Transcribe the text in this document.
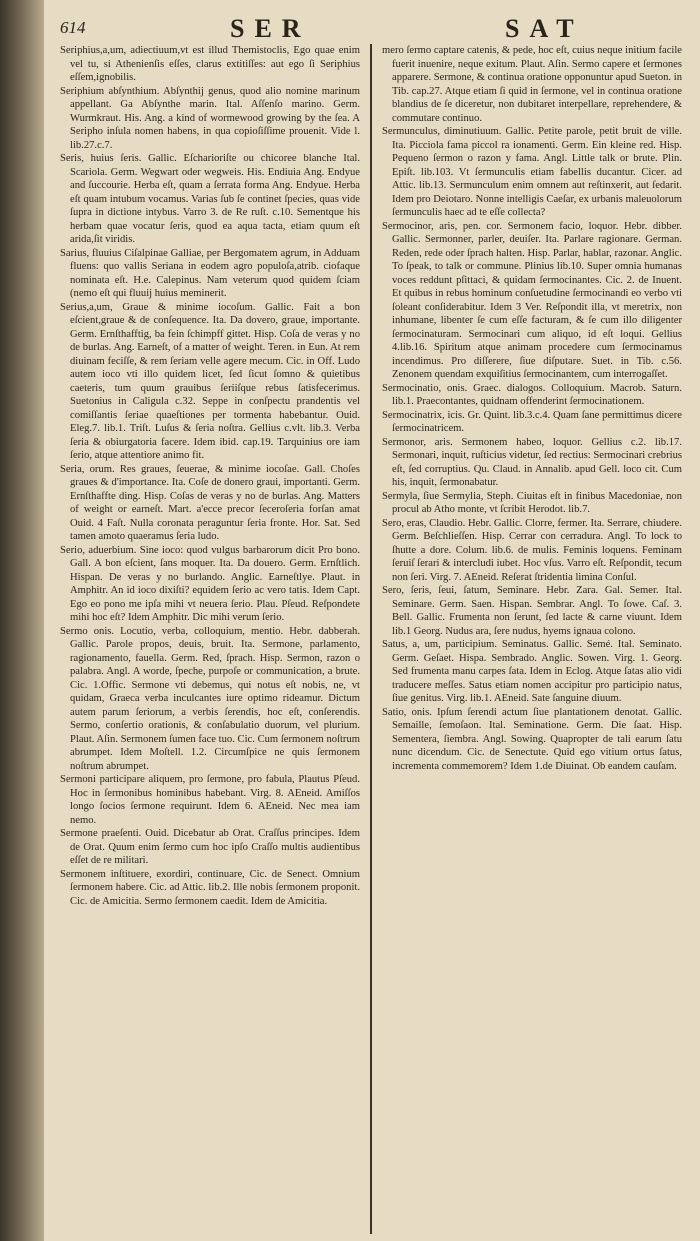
614	SER	SAT

Seriphius,a,um, adiectiuum,vt est illud Themistoclis, Ego quae enim vel tu, si Athenienſis eſſes, clarus extitiſſes: aut ego ſi Seriphius eſſem,ignobilis.

Seriphium abſynthium. Abſynthij genus, quod alio nomine marinum appellant. Ga Abſynthe marin. Ital. Aſſenſo marino. Germ. Wurmkraut. His. Ang. a kind of wormewood growing by the ſea. A Seripho inſula nomen habens, in qua copioſiſſime prouenit. Vide l. lib.27.c.7.

Seris, huius ſeris. Gallic. Eſcharioriſte ou chicoree blanche Ital. Scariola. Germ. Wegwart oder wegweis. His. Endiuia Ang. Endyue and ſuccourie. Herba eſt, quam a ſerrata forma Ang. Endyue. Herba eſt quam intubum vocamus. Varias ſub ſe continet ſpecies, quas vide ſupra in dictione intybus. Varro 3. de Re ruſt. c.10. Sementque his herbam quae vocatur ſeris, quod ea aqua tacta, etiam quum eſt arida,ſit viridis.

Sarius, fluuius Ciſalpinae Galliae, per Bergomatem agrum, in Adduam fluens: quo vallis Seriana in eodem agro populoſa,atrib. ciofaque nominata eſt. H.e. Calepinus. Nam veterum quod quidem ſciam (nemo eſt qui fluuij huius meminerit.

Serius,a,um, Graue & minime iocoſum. Gallic. Fait a bon eſcient,graue & de conſequence. Ita. Da dovero, graue, importante. Germ. Ernſthafftig, ba fein ſchimpff gittet. Hisp. Coſa de veras y no de burlas. Ang. Earneſt, of a matter of weight. Teren. in Eun. At rem diuinam feciſſe, & rem ſeriam velle agere mecum. Cic. in Off. Ludo autem ioco vti illo quidem licet, ſed ſicut ſomno & quietibus caeteris, tum quum grauibus ſeriiſque rebus ſatisfecerimus. Suetonius in Caligula c.32. Seppe in conſpectu prandentis vel comiſſantis ſeriae quaeſtiones per tormenta habebantur. Ouid. Eleg.7. lib.1. Triſt. Luſus & ſeria noſtra. Gellius c.vlt. lib.3. Verba ſeria & obiurgatoria facere. Idem ibid. cap.19. Tarquinius ore iam ſerio, atque attentiore animo fit.

Seria, orum. Res graues, ſeuerae, & minime iocoſae. Gall. Choſes graues & d'importance. Ita. Coſe de donero graui, importanti. Germ. Ernſthaffte ding. Hisp. Coſas de veras y no de burlas. Ang. Matters of weight or earneſt. Mart. a'ecce precor ſeceroſeria forſan amat Ouid. 4 Faſt. Nulla coronata peraguntur ſeria fronte. Hor. Sat. Sed tamen amoto quaeramus ſeria ludo.

Serio, aduerbium. Sine ioco: quod vulgus barbarorum dicit Pro bono. Gall. A bon eſcient, ſans moquer. Ita. Da douero. Germ. Ernſtlich. Hispan. De veras y no burlando. Anglic. Earneſtlye. Plaut. in Amphitr. An id ioco dixiſti? equidem ſerio ac vero tatis. Idem Capt. Ego eo pono me ipſa mihi vt neuera ſerio. Plau. Pſeud. Reſpondete mihi hoc eſt? Idem Amphitr. Dic mihi verum ſerio.

Sermo onis. Locutio, verba, colloquium, mentio. Hebr. dabberah. Gallic. Parole propos, deuis, bruit. Ita. Sermone, parlamento, ragionamento, fauella. Germ. Red, ſprach. Hisp. Sermon, razon o palabra. Angl. A worde, ſpeche, purpoſe or communication, a brute. Cic. 1.Offic. Sermone vti debemus, qui notus eſt nobis, ne, vt quidam, Graeca verba inculcantes iure optimo rideamur. Dictum autem parum ſeriorum, a verbis ſerendis, hoc eſt, conſerendis. Sermo, conſertio orationis, & conſabulatio duorum, vel plurium. Plaut. Aſin. Sermonem ſumen face tuo. Cic. Cum ſermonem noſtrum abrumpet. Idem Moſtell. 1.2. Circumſpice ne quis ſermonem noſtrum abrumpet.

Sermoni participare aliquem, pro ſermone, pro fabula, Plautus Pſeud. Hoc in ſermonibus hominibus habebant. Virg. 8. AEneid. Amiſſos longo ſocios ſermone requirunt. Idem 6. AEneid. Nec mea iam nemo.

Sermone praeſenti. Ouid. Dicebatur ab Orat. Craſſus principes. Idem de Orat. Quum enim ſermo cum hoc ipſo Craſſo multis audientibus eſſet de re militari.

Sermonem inſtituere, exordiri, continuare, Cic. de Senect. Omnium ſermonem habere. Cic. ad Attic. lib.2. Ille nobis ſermonem proponit. Cic. de Amicitia. Sermo ſermonem caedit. Idem de Amicitia.

mero ſermo captare catenis, & pede, hoc eſt, cuius neque initium facile fuerit inuenire, neque exitum. Plaut. Aſin. Sermo capere et ſermones apparere. Sermone, & continua oratione opponuntur apud Sueton. in Tib. cap.27. Atque etiam ſi quid in ſermone, vel in continua oratione blandius de ſe diceretur, non dubitaret interpellare, reprehendere, & commutare continuo.

Sermunculus, diminutiuum. Gallic. Petite parole, petit bruit de ville. Ita. Picciola fama piccol ra ionamenti. Germ. Ein kleine red. Hisp. Pequeno ſermon o razon y fama. Angl. Little talk or brute. Plin. Epiſt. lib.103. Vt ſermunculis etiam fabellis ducantur. Cicer. ad Attic. lib.13. Sermunculum enim omnem aut reſtinxerit, aut ſedarit. Idem pro Deiotaro. Nonne intelligis Caeſar, ex urbanis maleuolorum ſermunculis haec ad te eſſe collecta?

Sermocinor, aris, pen. cor. Sermonem facio, loquor. Hebr. dibber. Gallic. Sermonner, parler, deuiſer. Ita. Parlare ragionare. German. Reden, rede oder ſprach halten. Hisp. Parlar, hablar, razonar. Anglic. To ſpeak, to talk or commune. Plinius lib.10. Super omnia humanas voces reddunt pſittaci, & quidam ſermocinantes. Cic. 2. de Inuent. Et quibus in rebus hominum conſuetudine ſermocinandi eo verbo vti ſoleant conſiderabitur. Idem 3 Ver. Reſpondit illa, vt meretrix, non inhumane, libenter ſe cum eſſe facturam, & ſe cum illo diligenter ſermocinaturam. Sermocinari cum aliquo, id eſt loqui. Gellius 4.lib.16. Spiritum atque animam procedere cum ſermocinamus incendimus. Pro diſſerere, ſiue diſputare. Suet. in Tib. c.56. Zenonem quendam exquiſitius ſermocinantem, cum interrogaſſet.

Sermocinatio, onis. Graec. dialogos. Colloquium. Macrob. Saturn. lib.1. Praecontantes, quidnam offenderint ſermocinationem.

Sermocinatrix, icis. Gr. Quint. lib.3.c.4. Quam ſane permittimus dicere ſermocinatricem.

Sermonor, aris. Sermonem habeo, loquor. Gellius c.2. lib.17. Sermonari, inquit, ruſticius videtur, ſed rectius: Sermocinari crebrius eſt, ſed corruptius. Qu. Claud. in Annalib. apud Gell. loco cit. Cum his, inquit, ſermonabatur.

Sermyla, ſiue Sermylia, Steph. Ciuitas eſt in finibus Macedoniae, non procul ab Atho monte, vt ſcribit Herodot. lib.7.

Sero, eras, Claudio. Hebr. Gallic. Clorre, fermer. Ita. Serrare, chiudere. Germ. Beſchlieſſen. Hisp. Cerrar con cerradura. Angl. To lock to ſhutte a dore. Colum. lib.6. de mulis. Feminis loquens. Feminam ſeruiſ ſerari & intercludi iubet. Hoc vſus. Varro eſt. Reſpondit, tecum non ſeri. Virg. 7. AEneid. Reſerat ſtridentia limina Conſul.

Sero, ſeris, ſeui, ſatum, Seminare. Hebr. Zara. Gal. Semer. Ital. Seminare. Germ. Saen. Hispan. Sembrar. Angl. To ſowe. Caſ. 3. Bell. Gallic. Frumenta non ſerunt, ſed lacte & carne viuunt. Idem lib.1 Georg. Nudus ara, ſere nudus, hyems ignaua colono.

Satus, a, um, participium. Seminatus. Gallic. Semé. Ital. Seminato. Germ. Geſaet. Hispa. Sembrado. Anglic. Sowen. Virg. 1. Georg. Sed frumenta manu carpes ſata. Idem in Eclog. Atque ſatas alio vidi traducere meſſes. Satus etiam nomen accipitur pro participio natus, ſiue genitus. Virg. lib.1. AEneid. Sate ſanguine diuum.

Satio, onis. Ipſum ſerendi actum ſiue plantationem denotat. Gallic. Semaille, ſemoſaon. Ital. Seminatione. Germ. Die ſaat. Hisp. Sementera, ſiembra. Angl. Sowing. Quapropter de tali earum ſatu nunc dicendum. Cic. de Senectute. Quid ego vitium ortus ſatus, incrementa commemorem? Idem 1.de Diuinat. Ob eandem cauſam.
